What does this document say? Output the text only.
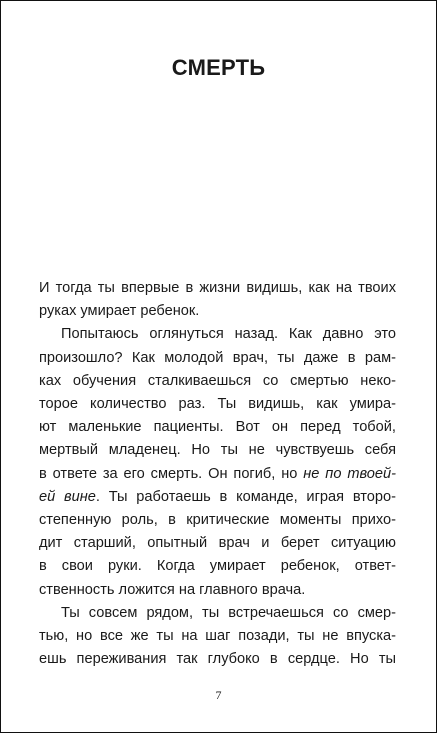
СМЕРТЬ

И тогда ты впервые в жизни видишь, как на твоих
руках умирает ребенок.

Попытаюсь оглянуться назад. Как давно это
произошло? Как молодой врач, ты даже в рам-
ках обучения сталкиваешься со смертью неко-
торое количество раз. Ты видишь, как умира-
ют маленькие пациенты. Вот он перед тобой,
мертвый младенец. Но ты не чувствуешь себя
в ответе за его смерть. Он погиб, но не по твоей-
ей вине. Ты работаешь в команде, играя второ-
степенную роль, в критические моменты прихо-
дит старший, опытный врач и берет ситуацию
в свои руки. Когда умирает ребенок, ответ-
ственность ложится на главного врача.

Ты совсем рядом, ты встречаешься со смер-
тью, но все же ты на шаг позади, ты не впуска-
ешь переживания так глубоко в сердце. Но ты

7
